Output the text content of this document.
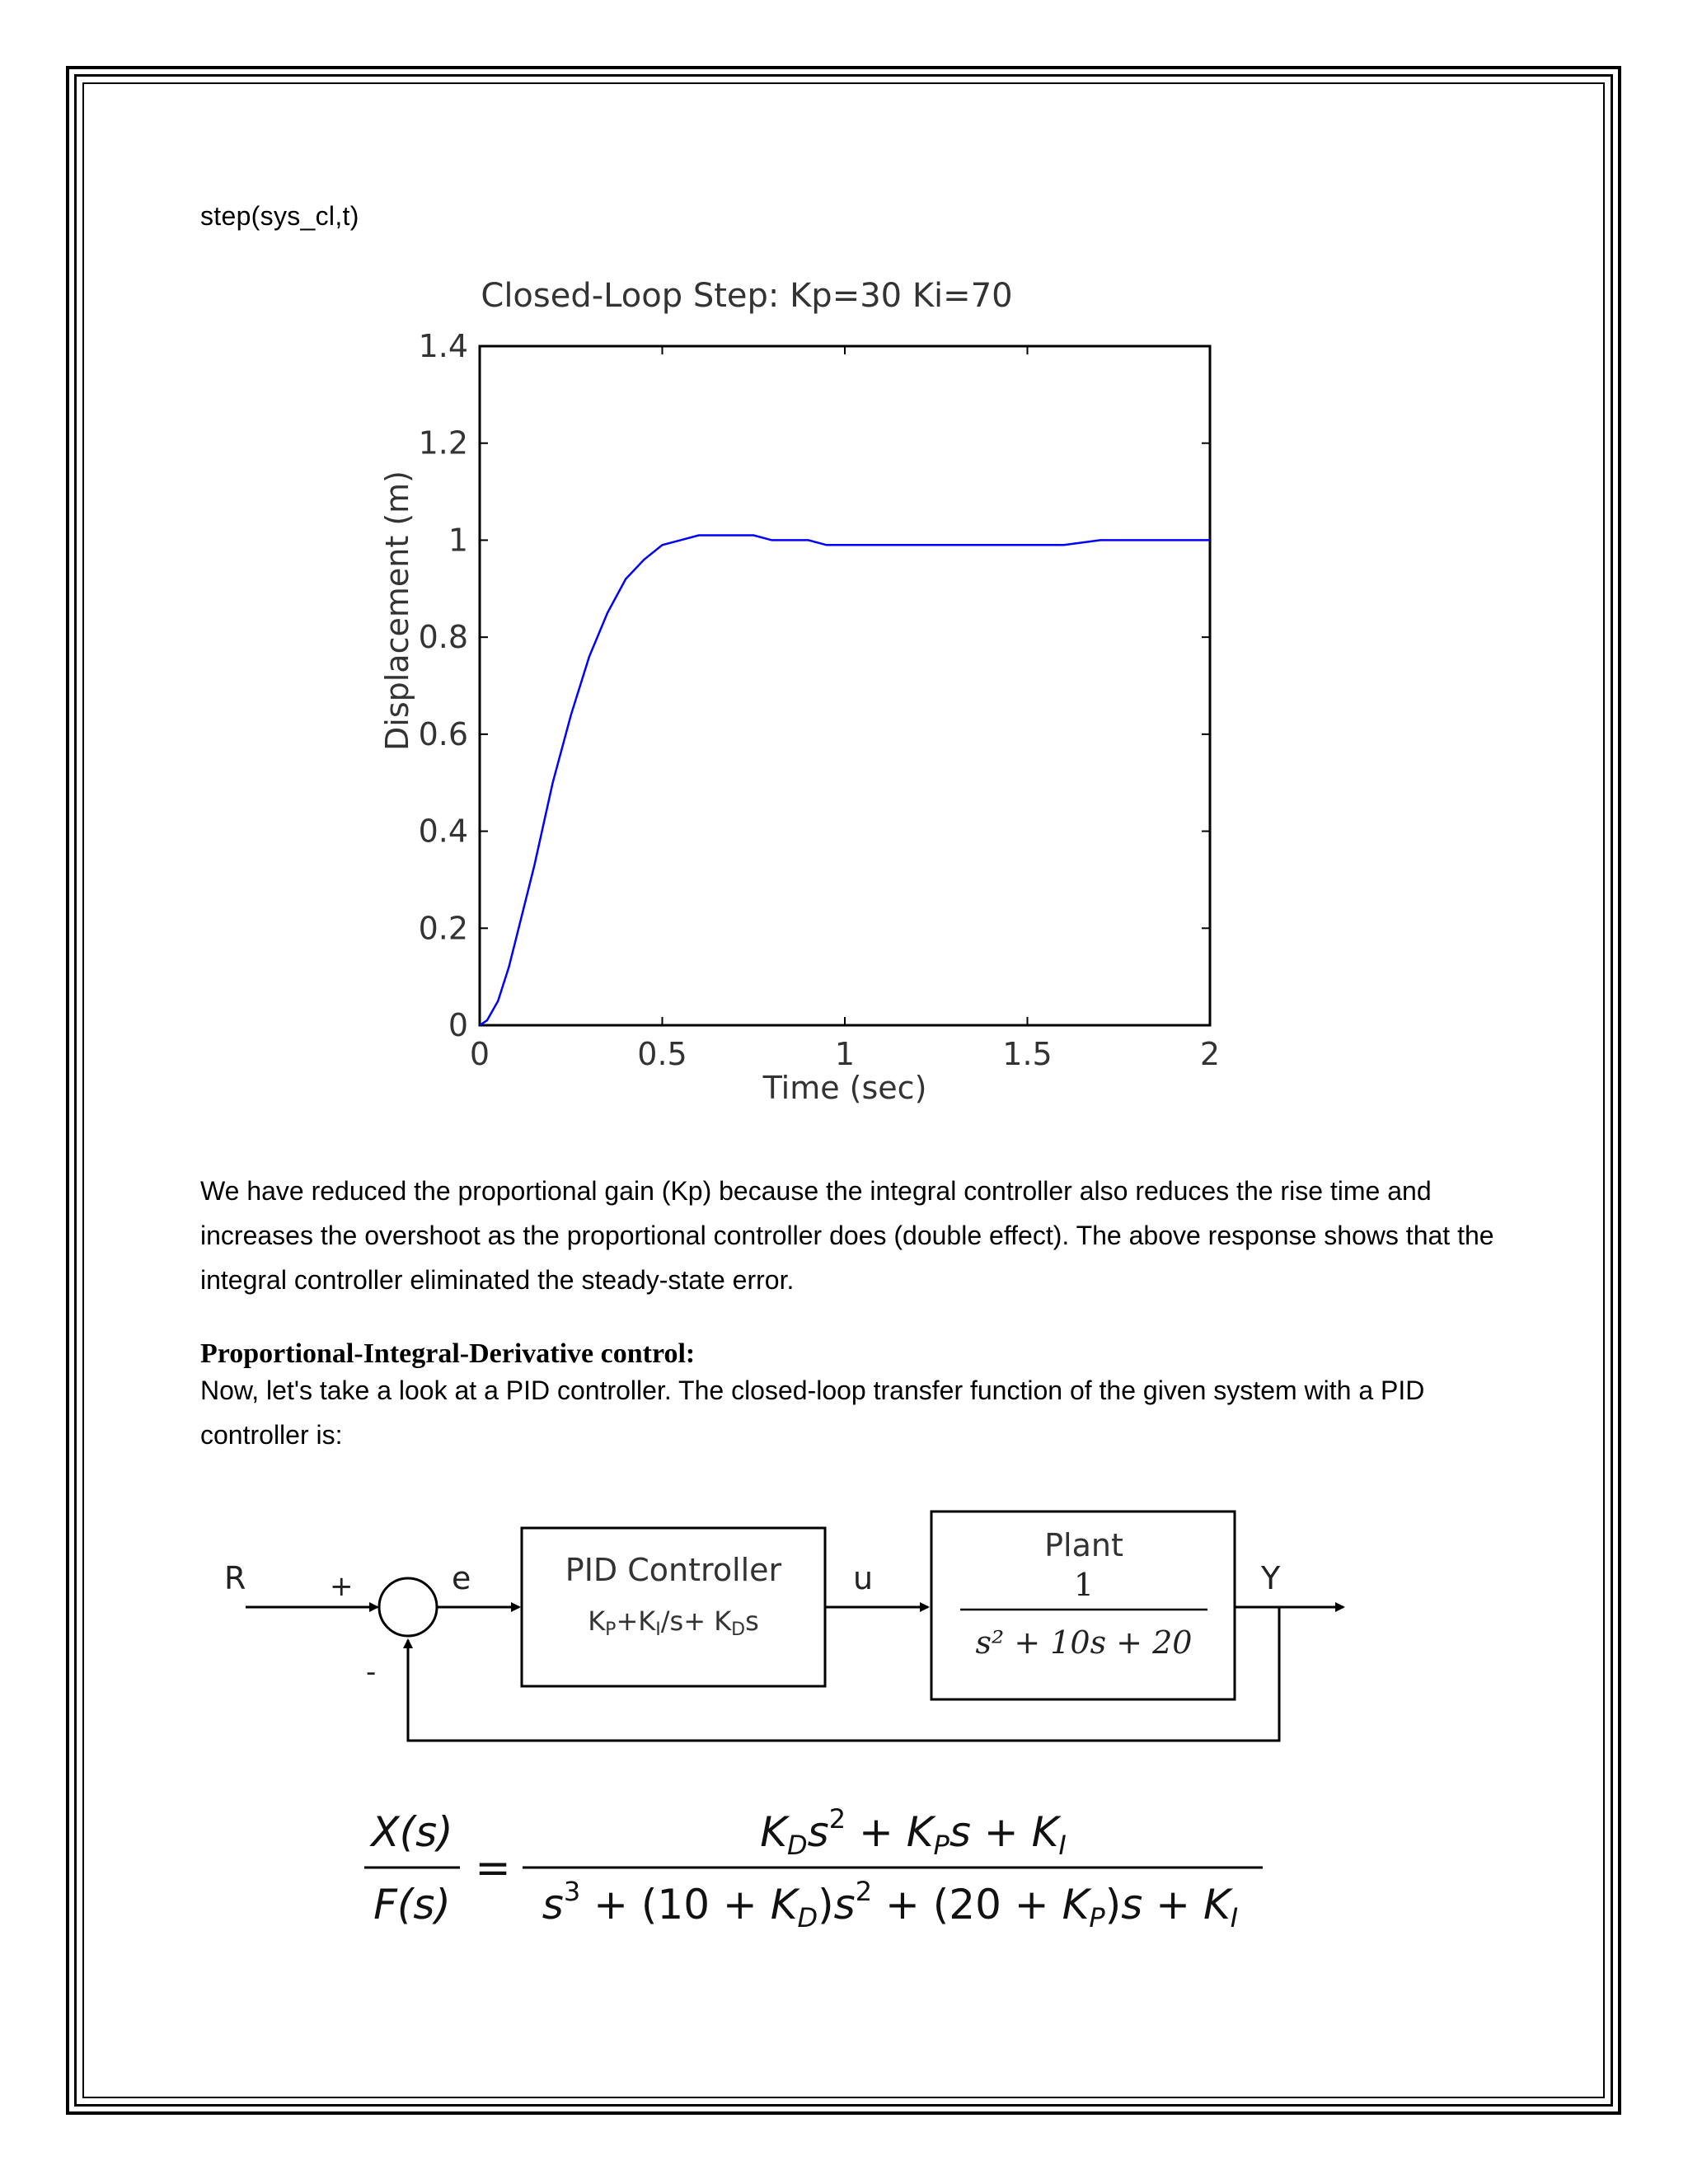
step(sys_cl,t)
Closed-Loop Step: Kp=30 Ki=70
Displacement (m)
Time (sec)
0	0.5	1	1.5	2
0
0.2
0.4
0.6
0.8
1
1.2
1.4
We have reduced the proportional gain (Kp) because the integral controller also reduces the rise time and increases the overshoot as the proportional controller does (double effect). The above response shows that the integral controller eliminated the steady-state error.
Proportional-Integral-Derivative control:
Now, let's take a look at a PID controller. The closed-loop transfer function of the given system with a PID controller is:
R	+
-
e	PID Controller
KP+KI/s+ KDs
u
Plant
1
s² + 10s + 20
Y
X(s)
F(s)
=
$K_Ds^2 + K_Ps + K_I$
$s^3 + (10 + K_D)s^2 + (20 + K_P)s + K_I$
